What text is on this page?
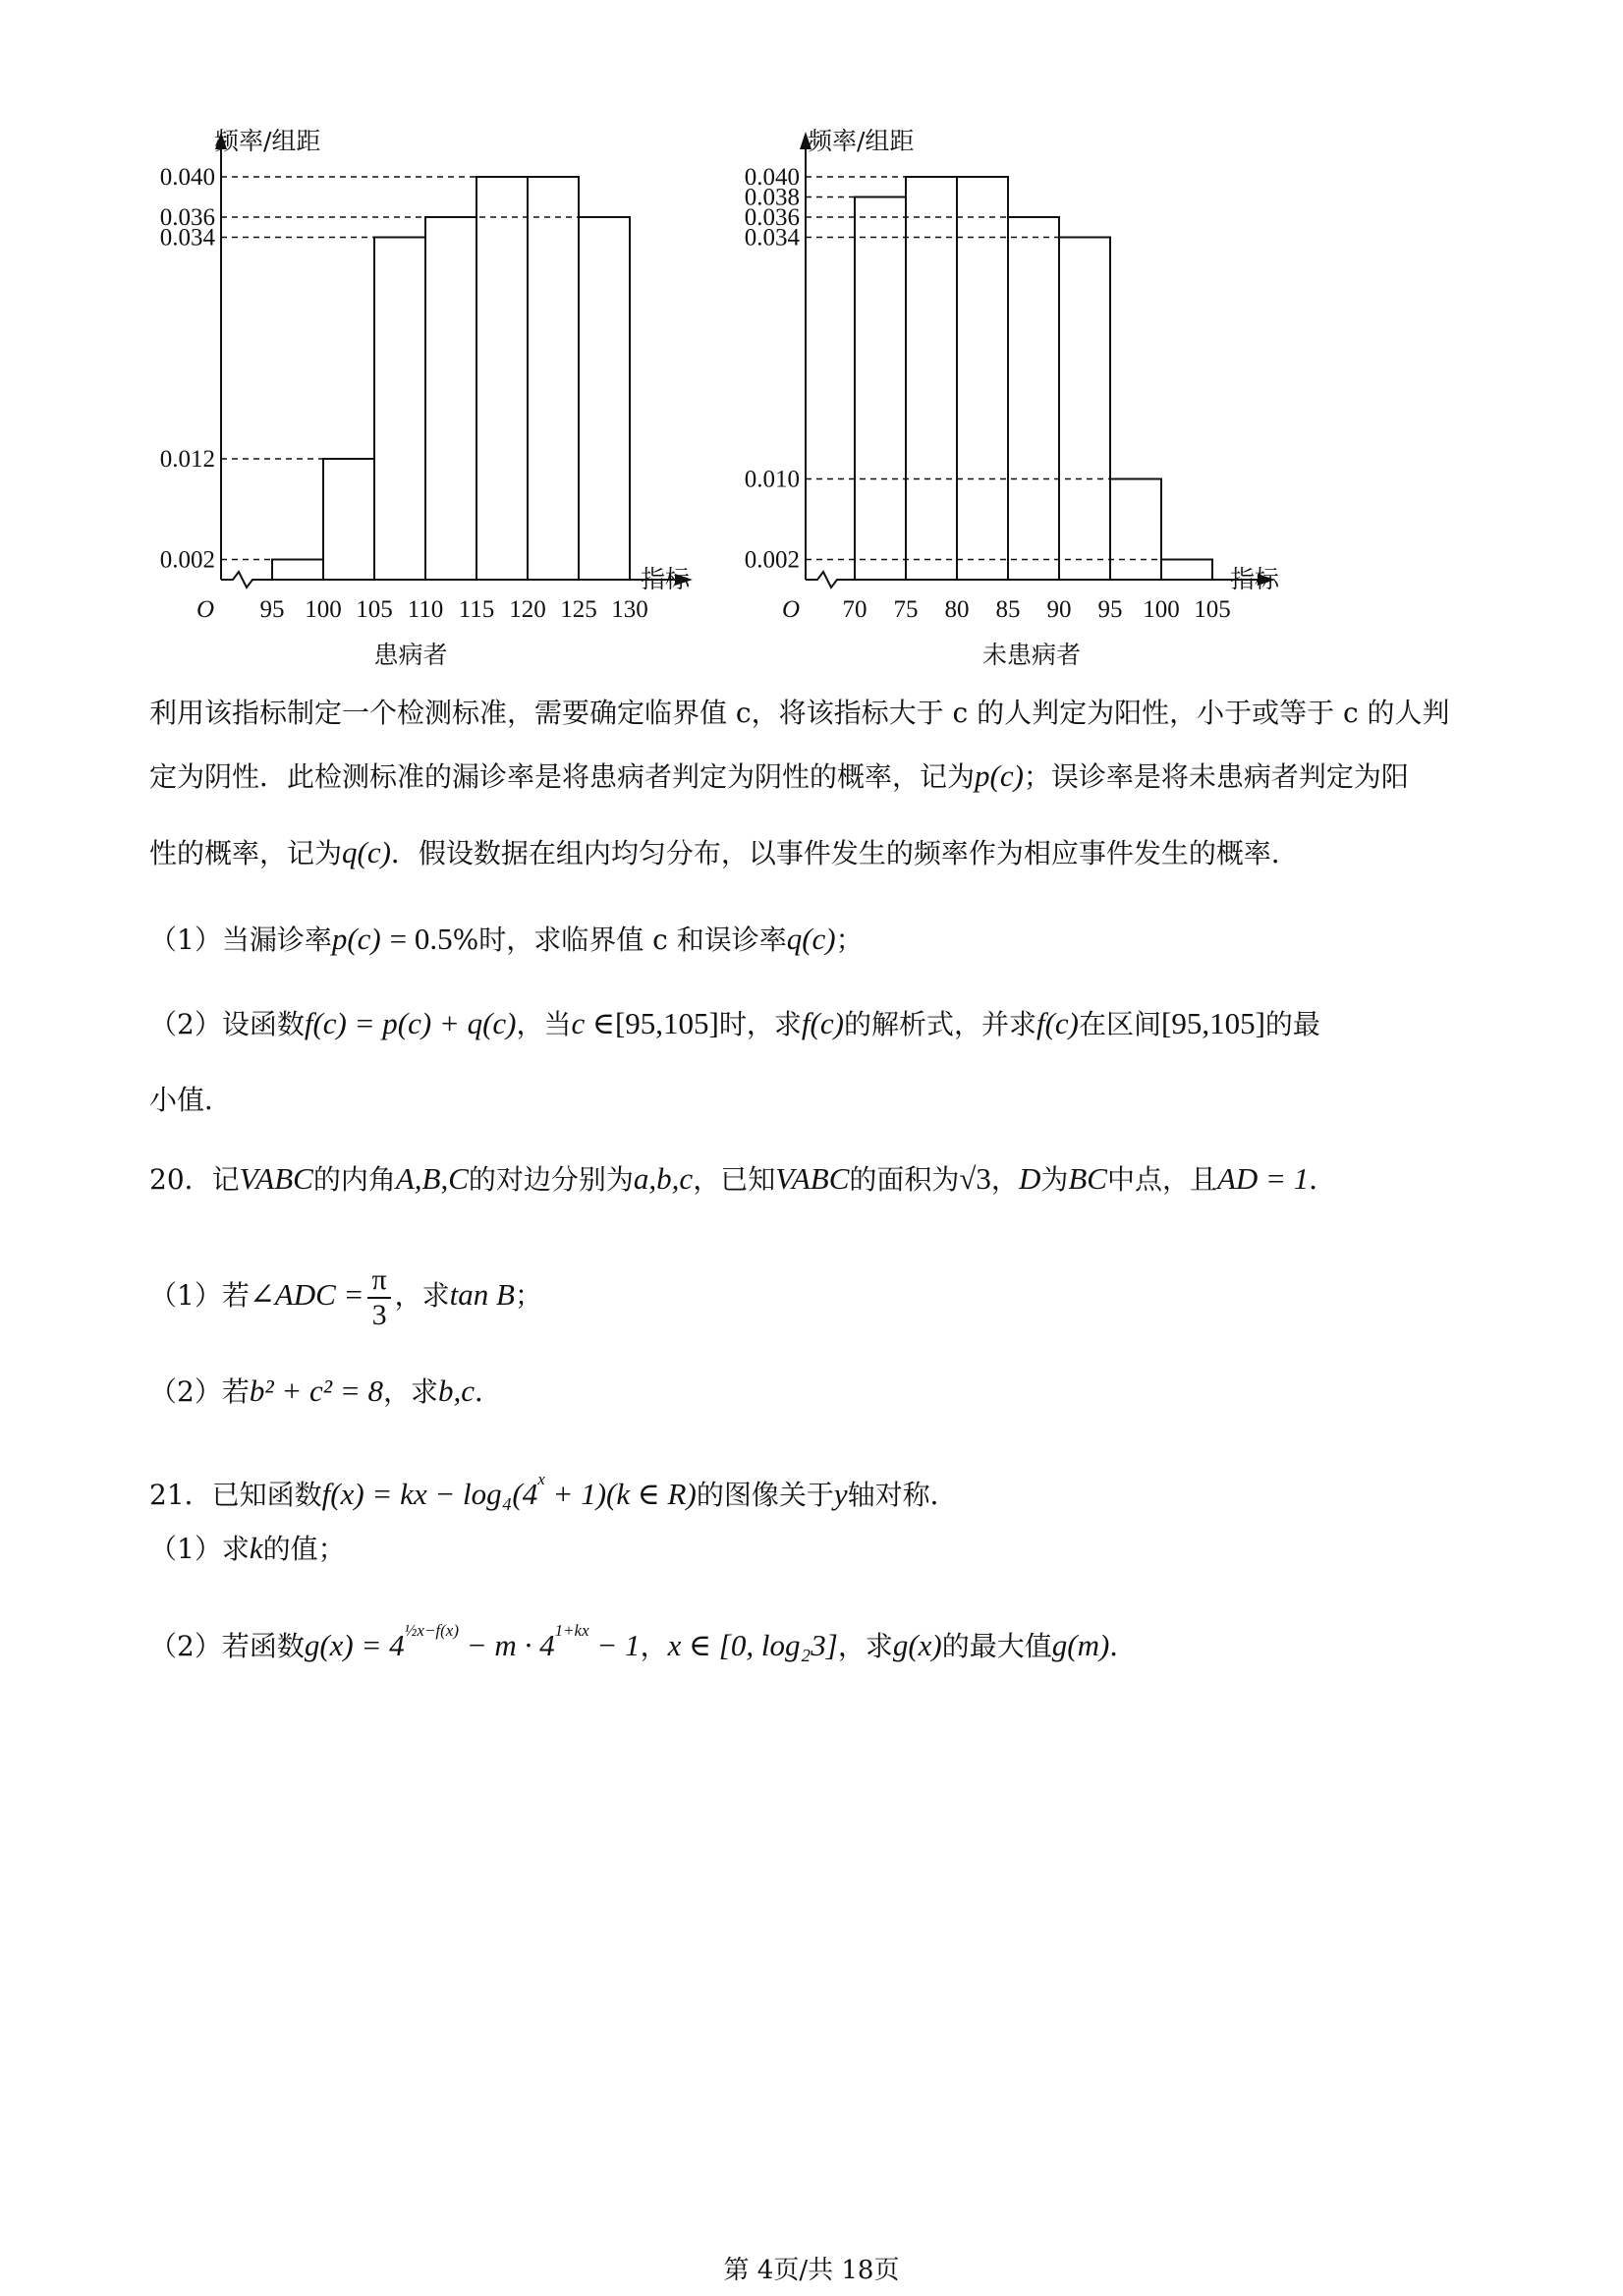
0.040
0.036
0.034
0.012
0.002
95 100 105 110 115 120 125 130
频率/组距
指标
O
患病者
0.040
0.038
0.036
0.034
0.010
0.002
70 75 80 85 90 95 100 105
频率/组距
指标
O
未患病者
利用该指标制定一个检测标准，需要确定临界值 c，将该指标大于 c 的人判定为阳性，小于或等于 c 的人判
定为阴性．此检测标准的漏诊率是将患病者判定为阴性的概率，记为p(c)；误诊率是将未患病者判定为阳
性的概率，记为q(c)．假设数据在组内均匀分布，以事件发生的频率作为相应事件发生的概率．
（1）当漏诊率p(c) = 0.5%时，求临界值 c 和误诊率q(c)；
（2）设函数f(c) = p(c) + q(c)，当c ∈[95,105]时，求f(c)的解析式，并求f(c)在区间[95,105]的最
小值．
20．记VABC的内角A,B,C的对边分别为a,b,c，已知VABC的面积为√3，D为BC中点，且AD = 1．
（1）若∠ADC = $\frac{\pi}{3}$ ，求tan B；
（2）若b² + c² = 8，求b,c．
21．已知函数f(x) = kx − $\log_4(4^x + 1)(k$ ∈ R)的图像关于y轴对称．
（1）求k的值；
（2）若函数$g(x) = 4^{\frac{1}{2}x-f(x)} - m \cdot 4^{1+kx} - 1$，x ∈ [0, log₂3]，求g(x)的最大值g(m)．
第 4页/共 18页
